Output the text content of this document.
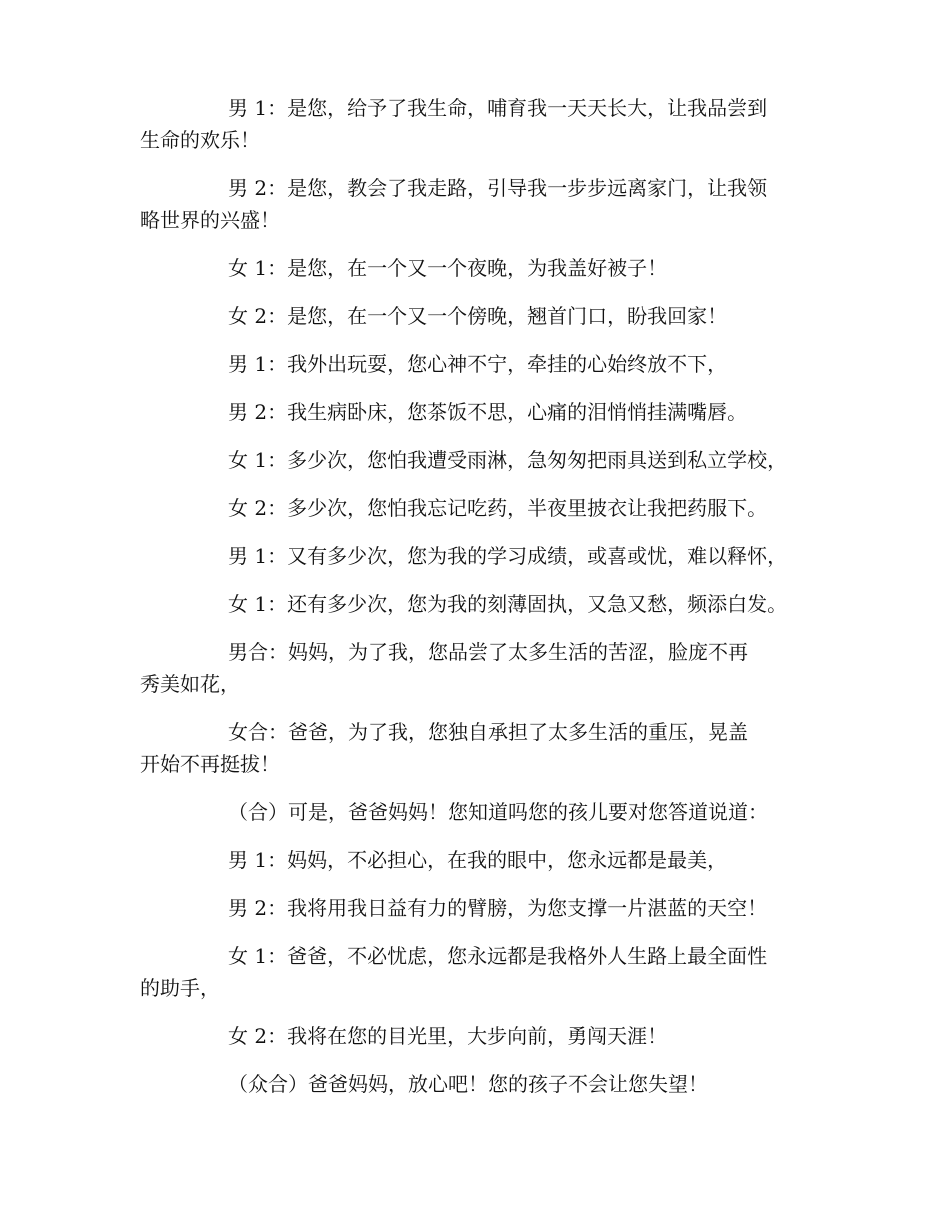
男 1：是您，给予了我生命，哺育我一天天长大，让我品尝到
生命的欢乐！

男 2：是您，教会了我走路，引导我一步步远离家门，让我领
略世界的兴盛！

女 1：是您，在一个又一个夜晚，为我盖好被子！

女 2：是您，在一个又一个傍晚，翘首门口，盼我回家！

男 1：我外出玩耍，您心神不宁，牵挂的心始终放不下，

男 2：我生病卧床，您茶饭不思，心痛的泪悄悄挂满嘴唇。

女 1：多少次，您怕我遭受雨淋，急匆匆把雨具送到私立学校，

女 2：多少次，您怕我忘记吃药，半夜里披衣让我把药服下。

男 1：又有多少次，您为我的学习成绩，或喜或忧，难以释怀，

女 1：还有多少次，您为我的刻薄固执，又急又愁，频添白发。

男合：妈妈，为了我，您品尝了太多生活的苦涩，脸庞不再
秀美如花，

女合：爸爸，为了我，您独自承担了太多生活的重压，晃盖
开始不再挺拔！

（合）可是，爸爸妈妈！您知道吗您的孩儿要对您答道说道：

男 1：妈妈，不必担心，在我的眼中，您永远都是最美，

男 2：我将用我日益有力的臂膀，为您支撑一片湛蓝的天空！

女 1：爸爸，不必忧虑，您永远都是我格外人生路上最全面性
的助手，

女 2：我将在您的目光里，大步向前，勇闯天涯！

（众合）爸爸妈妈，放心吧！您的孩子不会让您失望！
